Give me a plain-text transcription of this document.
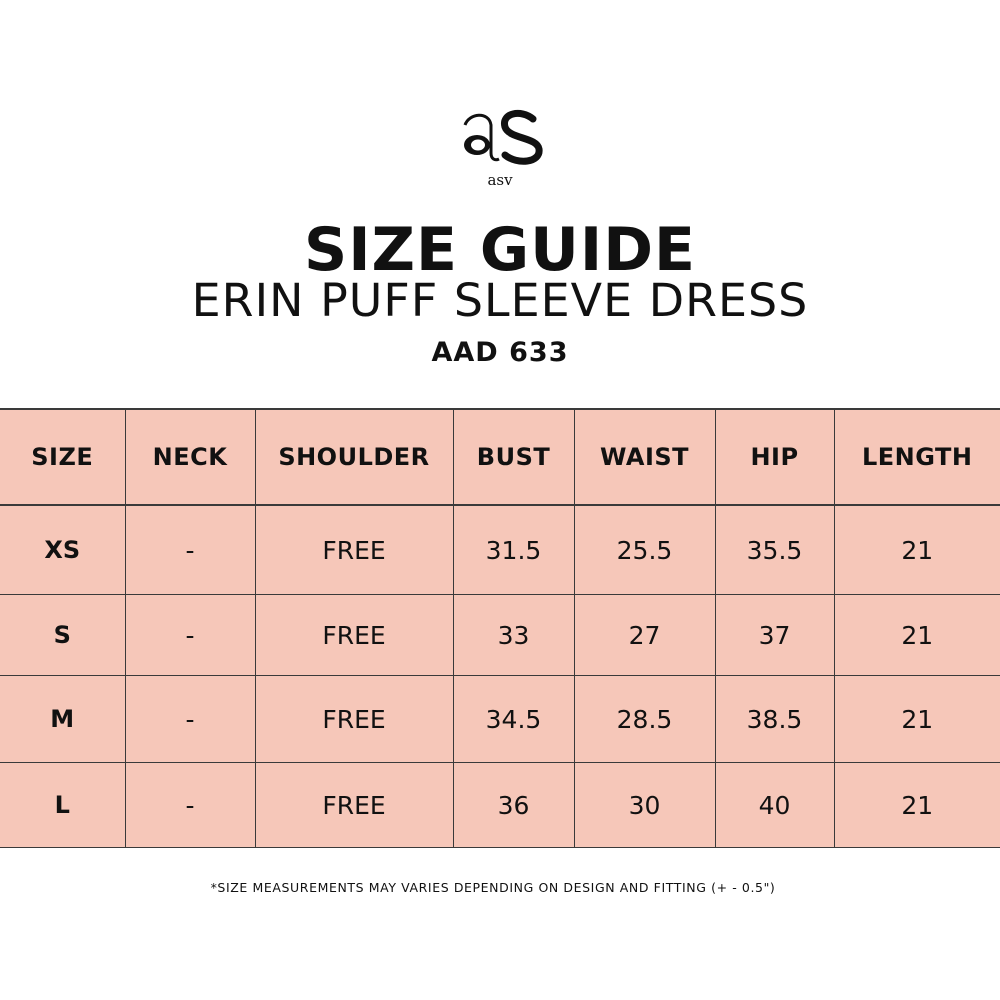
asv
SIZE GUIDE
ERIN PUFF SLEEVE DRESS
AAD 633
SIZE	NECK	SHOULDER	BUST	WAIST	HIP	LENGTH
XS	-	FREE	31.5	25.5	35.5	21
S	-	FREE	33	27	37	21
M	-	FREE	34.5	28.5	38.5	21
L	-	FREE	36	30	40	21
*SIZE MEASUREMENTS MAY VARIES DEPENDING ON DESIGN AND FITTING (+ - 0.5")
